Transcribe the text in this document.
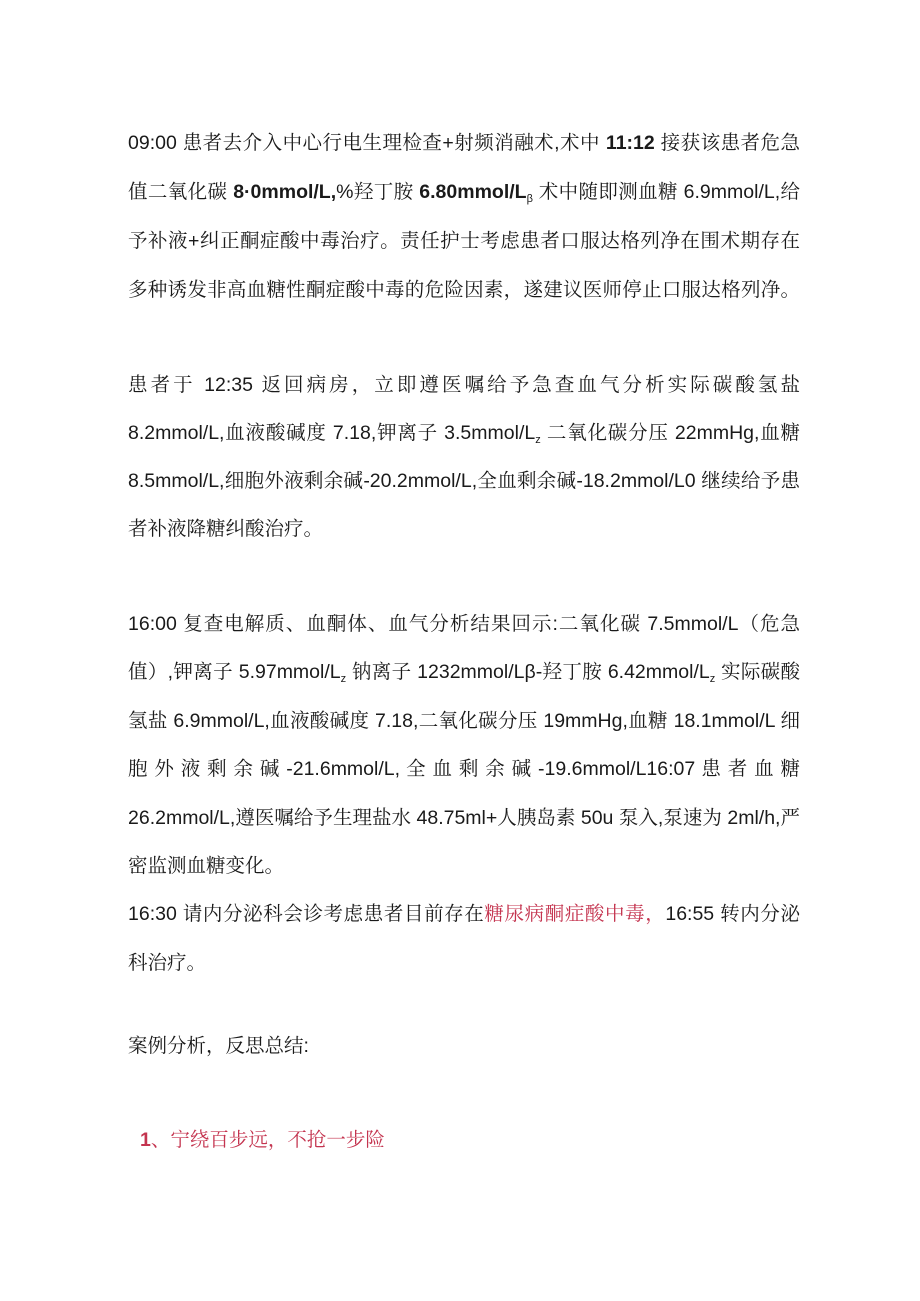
09:00 患者去介入中心行电生理检查+射频消融术,术中 11:12 接获该患者危急
值二氧化碳 8·0mmol/L,%羟丁胺 $6.80mmol/L_\beta$ 术中随即测血糖 6.9mmol/L,给
予补液+纠正酮症酸中毒治疗。责任护士考虑患者口服达格列净在围术期存在
多种诱发非高血糖性酮症酸中毒的危险因素，遂建议医师停止口服达格列净。
患者于 12:35 返回病房，立即遵医嘱给予急查血气分析实际碳酸氢盐
8.2mmol/L,血液酸碱度 7.18,钾离子 $3.5mmol/L_z$ 二氧化碳分压 22mmHg,血糖
8.5mmol/L,细胞外液剩余碱-20.2mmol/L,全血剩余碱-18.2mmol/L0 继续给予患
者补液降糖纠酸治疗。
16:00 复查电解质、血酮体、血气分析结果回示:二氧化碳 7.5mmol/L（危急
值）,钾离子 $5.97mmol/L_z$ 钠离子 1232mmol/Lβ-羟丁胺 $6.42mmol/L_z$ 实际碳酸
氢盐 6.9mmol/L,血液酸碱度 7.18,二氧化碳分压 19mmHg,血糖 18.1mmol/L 细
胞 外 液 剩 余 碱 -21.6mmol/L, 全 血 剩 余 碱 -19.6mmol/L16:07 患 者 血 糖
26.2mmol/L,遵医嘱给予生理盐水 48.75ml+人胰岛素 50u 泵入,泵速为 2ml/h,严
密监测血糖变化。
16:30 请内分泌科会诊考虑患者目前存在糖尿病酮症酸中毒，16:55 转内分泌
科治疗。
案例分析，反思总结:
1、宁绕百步远，不抢一步险
